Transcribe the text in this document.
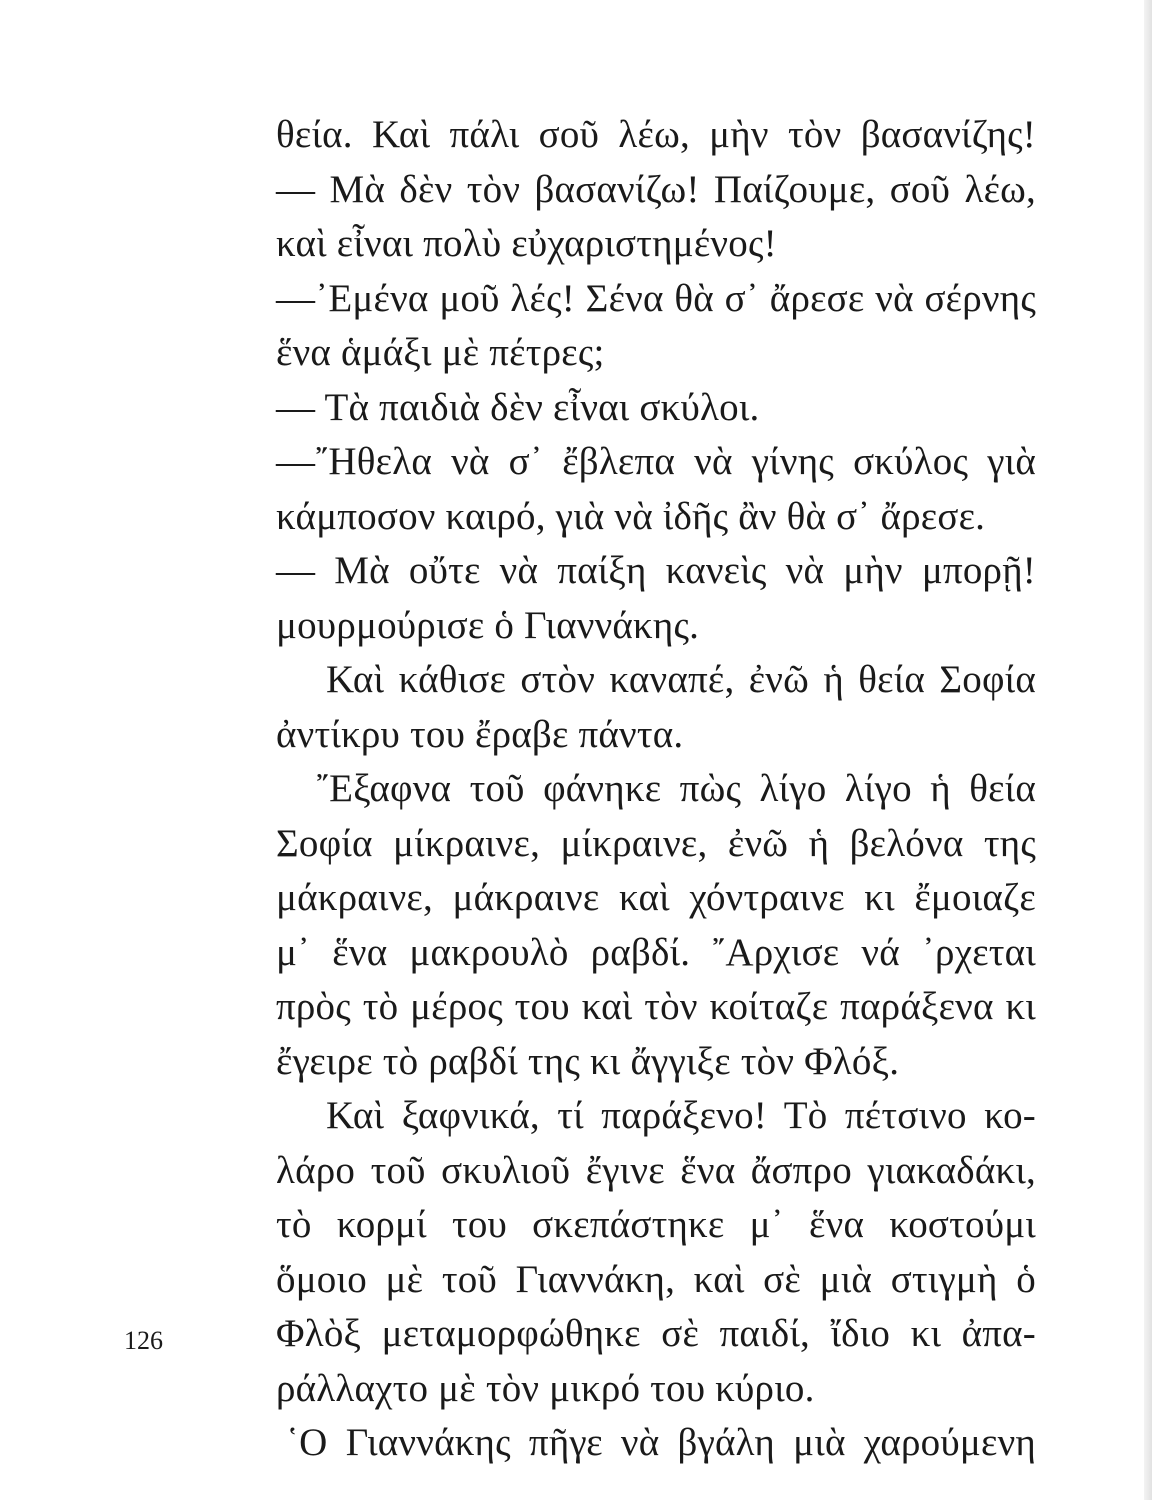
θεία. Καὶ πάλι σοῦ λέω, μὴν τὸν βασανίζης!
— Μὰ δὲν τὸν βασανίζω! Παίζουμε, σοῦ λέω,
καὶ εἶναι πολὺ εὐχαριστημένος!
—᾿Εμένα μοῦ λές! Σένα θὰ σ᾿ ἄρεσε νὰ σέρνης
ἕνα ἁμάξι μὲ πέτρες;
— Τὰ παιδιὰ δὲν εἶναι σκύλοι.
—῎Ηθελα νὰ σ᾿ ἔβλεπα νὰ γίνης σκύλος γιὰ
κάμποσον καιρό, γιὰ νὰ ἰδῆς ἂν θὰ σ᾿ ἄρεσε.
— Μὰ οὔτε νὰ παίξη κανεὶς νὰ μὴν μπορῇ!
μουρμούρισε ὁ Γιαννάκης.
Καὶ κάθισε στὸν καναπέ, ἐνῶ ἡ θεία Σοφία
ἀντίκρυ του ἔραβε πάντα.
῎Εξαφνα τοῦ φάνηκε πὼς λίγο λίγο ἡ θεία
Σοφία μίκραινε, μίκραινε, ἐνῶ ἡ βελόνα της
μάκραινε, μάκραινε καὶ χόντραινε κι ἔμοιαζε
μ᾿ ἕνα μακρουλὸ ραβδί. ῎Αρχισε νά ᾿ρχεται
πρὸς τὸ μέρος του καὶ τὸν κοίταζε παράξενα κι
ἔγειρε τὸ ραβδί της κι ἄγγιξε τὸν Φλόξ.
Καὶ ξαφνικά, τί παράξενο! Τὸ πέτσινο κο-
λάρο τοῦ σκυλιοῦ ἔγινε ἕνα ἄσπρο γιακαδάκι,
τὸ κορμί του σκεπάστηκε μ᾿ ἕνα κοστούμι
ὅμοιο μὲ τοῦ Γιαννάκη, καὶ σὲ μιὰ στιγμὴ ὁ
Φλὸξ μεταμορφώθηκε σὲ παιδί, ἴδιο κι ἀπα-
ράλλαχτο μὲ τὸν μικρό του κύριο.
῾Ο Γιαννάκης πῆγε νὰ βγάλη μιὰ χαρούμενη
126
